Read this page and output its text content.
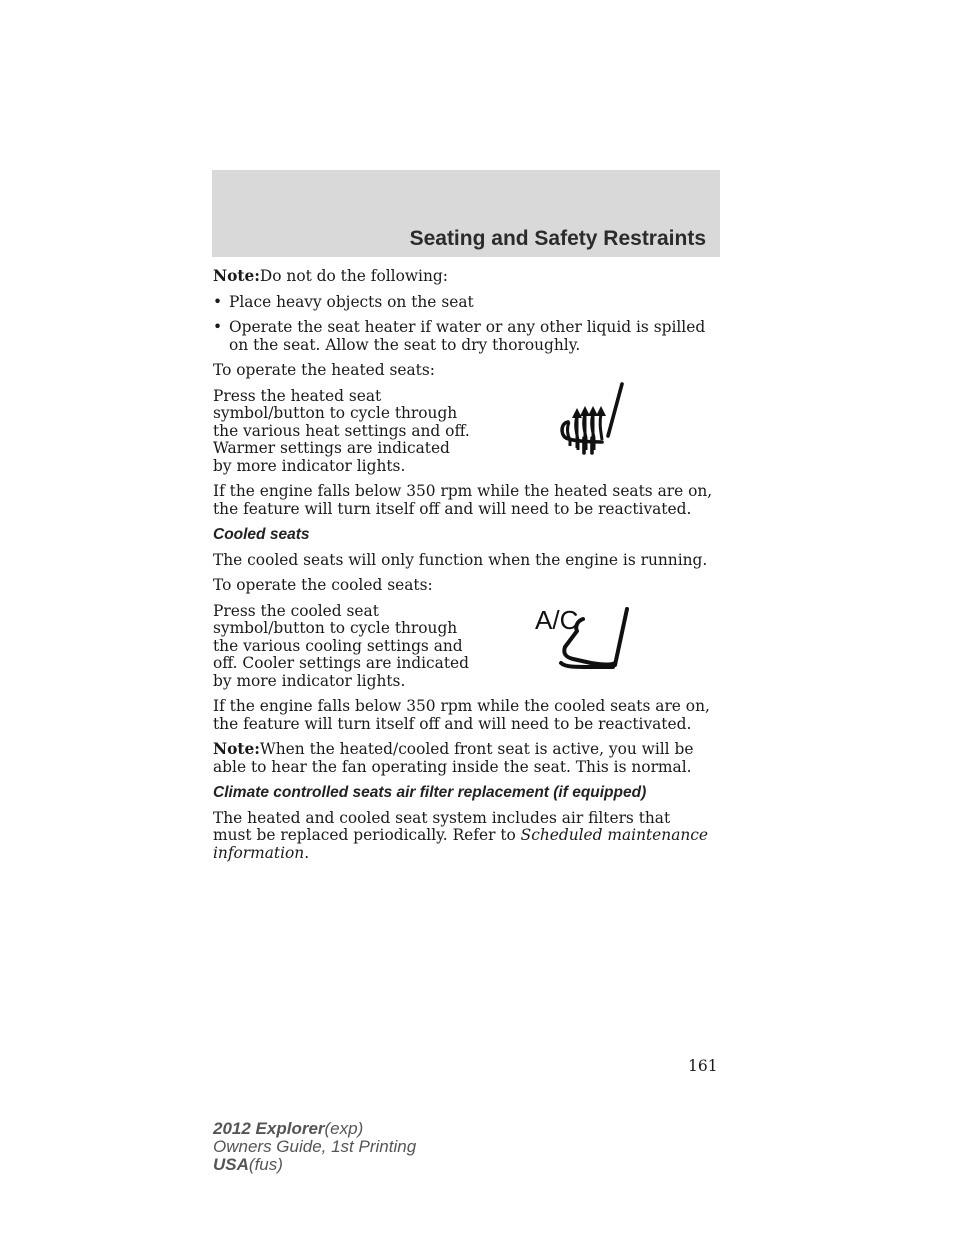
Seating and Safety Restraints

Note:Do not do the following:

• Place heavy objects on the seat
• Operate the seat heater if water or any other liquid is spilled on the seat. Allow the seat to dry thoroughly.

To operate the heated seats:

Press the heated seat symbol/button to cycle through the various heat settings and off. Warmer settings are indicated by more indicator lights.

If the engine falls below 350 rpm while the heated seats are on, the feature will turn itself off and will need to be reactivated.

Cooled seats

The cooled seats will only function when the engine is running.

To operate the cooled seats:

Press the cooled seat symbol/button to cycle through the various cooling settings and off. Cooler settings are indicated by more indicator lights.

A/C

If the engine falls below 350 rpm while the cooled seats are on, the feature will turn itself off and will need to be reactivated.

Note:When the heated/cooled front seat is active, you will be able to hear the fan operating inside the seat. This is normal.

Climate controlled seats air filter replacement (if equipped)

The heated and cooled seat system includes air filters that must be replaced periodically. Refer to Scheduled maintenance information.

161
2012 Explorer(exp)
Owners Guide, 1st Printing
USA(fus)
